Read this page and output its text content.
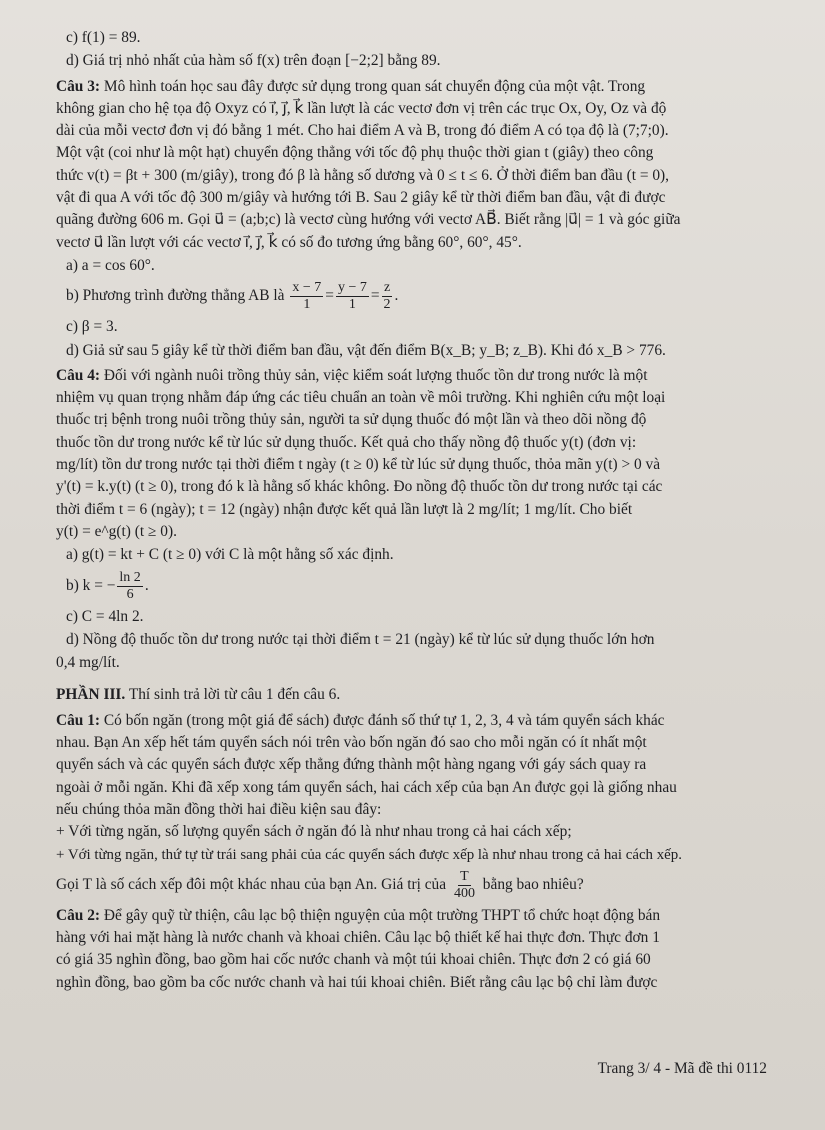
c) f(1) = 89.

d) Giá trị nhỏ nhất của hàm số f(x) trên đoạn [−2;2] bằng 89.

Câu 3: Mô hình toán học sau đây được sử dụng trong quan sát chuyển động của một vật. Trong

không gian cho hệ tọa độ Oxyz có i⃗, j⃗, k⃗ lần lượt là các vectơ đơn vị trên các trục Ox, Oy, Oz và độ

dài của mỗi vectơ đơn vị đó bằng 1 mét. Cho hai điểm A và B, trong đó điểm A có tọa độ là (7;7;0).

Một vật (coi như là một hạt) chuyển động thẳng với tốc độ phụ thuộc thời gian t (giây) theo công

thức v(t) = βt + 300 (m/giây), trong đó β là hằng số dương và 0 ≤ t ≤ 6. Ở thời điểm ban đầu (t = 0),

vật đi qua A với tốc độ 300 m/giây và hướng tới B. Sau 2 giây kể từ thời điểm ban đầu, vật đi được

quãng đường 606 m. Gọi u⃗ = (a;b;c) là vectơ cùng hướng với vectơ AB⃗. Biết rằng |u⃗| = 1 và góc giữa

vectơ u⃗ lần lượt với các vectơ i⃗, j⃗, k⃗ có số đo tương ứng bằng 60°, 60°, 45°.

a) a = cos 60°.

b) Phương trình đường thẳng AB là $\frac{x - 7}{1} = \frac{y - 7}{1} = \frac{z}{2}$ .

c) β = 3.

d) Giả sử sau 5 giây kể từ thời điểm ban đầu, vật đến điểm B(x_B; y_B; z_B). Khi đó x_B > 776.

Câu 4: Đối với ngành nuôi trồng thủy sản, việc kiểm soát lượng thuốc tồn dư trong nước là một

nhiệm vụ quan trọng nhằm đáp ứng các tiêu chuẩn an toàn về môi trường. Khi nghiên cứu một loại

thuốc trị bệnh trong nuôi trồng thủy sản, người ta sử dụng thuốc đó một lần và theo dõi nồng độ

thuốc tồn dư trong nước kể từ lúc sử dụng thuốc. Kết quả cho thấy nồng độ thuốc y(t) (đơn vị:

mg/lít) tồn dư trong nước tại thời điểm t ngày (t ≥ 0) kể từ lúc sử dụng thuốc, thỏa mãn y(t) > 0 và

y'(t) = k.y(t) (t ≥ 0), trong đó k là hằng số khác không. Đo nồng độ thuốc tồn dư trong nước tại các

thời điểm t = 6 (ngày); t = 12 (ngày) nhận được kết quả lần lượt là 2 mg/lít; 1 mg/lít. Cho biết

y(t) = e^g(t) (t ≥ 0).

a) g(t) = kt + C (t ≥ 0) với C là một hằng số xác định.

b) k = − $\frac{\ln 2}{6}$ .

c) C = 4ln 2.

d) Nồng độ thuốc tồn dư trong nước tại thời điểm t = 21 (ngày) kể từ lúc sử dụng thuốc lớn hơn

0,4 mg/lít.

PHẦN III. Thí sinh trả lời từ câu 1 đến câu 6.

Câu 1: Có bốn ngăn (trong một giá để sách) được đánh số thứ tự 1, 2, 3, 4 và tám quyển sách khác

nhau. Bạn An xếp hết tám quyển sách nói trên vào bốn ngăn đó sao cho mỗi ngăn có ít nhất một

quyển sách và các quyển sách được xếp thẳng đứng thành một hàng ngang với gáy sách quay ra

ngoài ở mỗi ngăn. Khi đã xếp xong tám quyển sách, hai cách xếp của bạn An được gọi là giống nhau

nếu chúng thỏa mãn đồng thời hai điều kiện sau đây:

+ Với từng ngăn, số lượng quyển sách ở ngăn đó là như nhau trong cả hai cách xếp;

+ Với từng ngăn, thứ tự từ trái sang phải của các quyển sách được xếp là như nhau trong cả hai cách xếp.

Gọi T là số cách xếp đôi một khác nhau của bạn An. Giá trị của $\frac{T}{400}$ bằng bao nhiêu?

Câu 2: Để gây quỹ từ thiện, câu lạc bộ thiện nguyện của một trường THPT tổ chức hoạt động bán

hàng với hai mặt hàng là nước chanh và khoai chiên. Câu lạc bộ thiết kế hai thực đơn. Thực đơn 1

có giá 35 nghìn đồng, bao gồm hai cốc nước chanh và một túi khoai chiên. Thực đơn 2 có giá 60

nghìn đồng, bao gồm ba cốc nước chanh và hai túi khoai chiên. Biết rằng câu lạc bộ chỉ làm được

Trang 3/ 4 - Mã đề thi 0112
